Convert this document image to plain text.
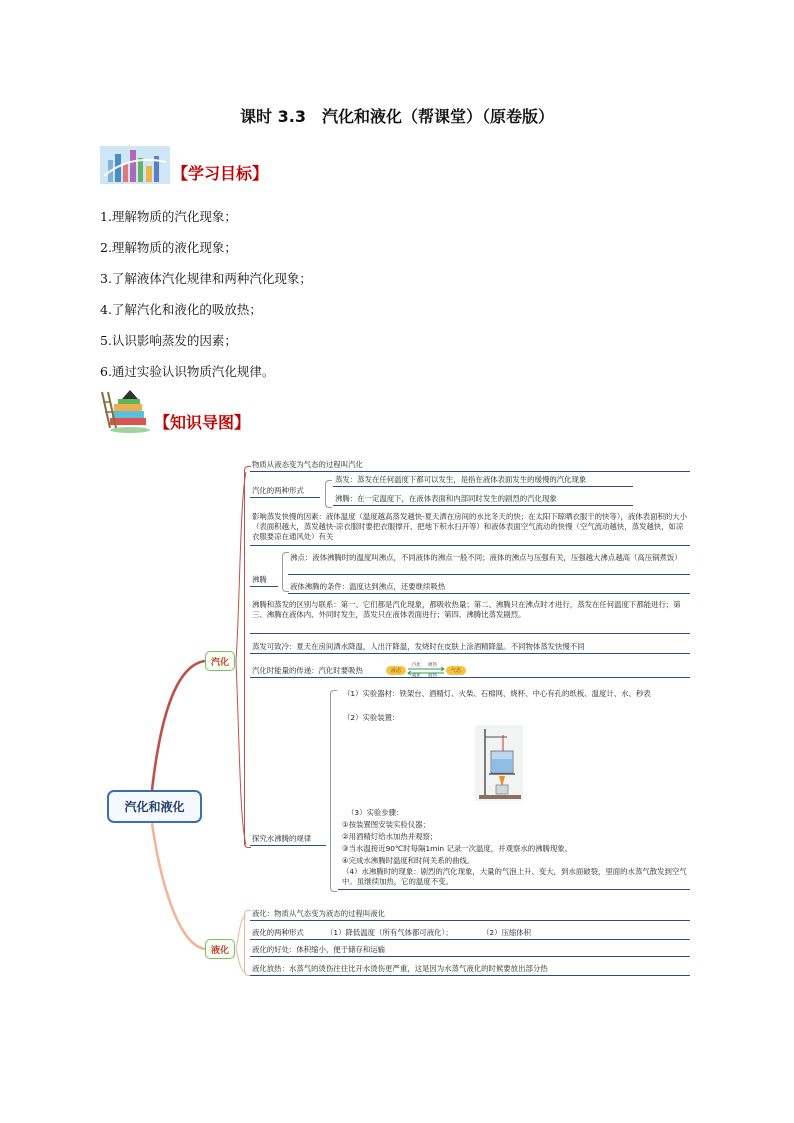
课时 3.3　汽化和液化（帮课堂）（原卷版）
【学习目标】
1.理解物质的汽化现象；
2.理解物质的液化现象；
3.了解液体汽化规律和两种汽化现象；
4.了解汽化和液化的吸放热；
5.认识影响蒸发的因素；
6.通过实验认识物质汽化规律。
【知识导图】
汽化和液化
汽化
液化
物质从液态变为气态的过程叫汽化
汽化的两种形式
蒸发：蒸发在任何温度下都可以发生，是指在液体表面发生的缓慢的汽化现象
沸腾：在一定温度下，在液体表面和内部同时发生的剧烈的汽化现象
影响蒸发快慢的因素：液体温度（温度越高蒸发越快-夏天洒在房间的水比冬天的快；在太阳下晾晒衣服干的快等），液体表面积的大小（表面积越大，蒸发越快-凉衣服时要把衣服撑开、把地下积水扫开等）和液体表面空气流动的快慢（空气流动越快，蒸发越快，如凉衣服要凉在通风处）有关
沸腾
沸点：液体沸腾时的温度叫沸点，不同液体的沸点一般不同；液体的沸点与压强有关，压强越大沸点越高（高压锅煮饭）
液体沸腾的条件：温度达到沸点，还要继续吸热
沸腾和蒸发的区别与联系：第一、它们都是汽化现象，都吸收热量；第二、沸腾只在沸点时才进行，蒸发在任何温度下都能进行；第三、沸腾在液体内、外同时发生，蒸发只在液体表面进行；第四、沸腾比蒸发剧烈。
蒸发可致冷：夏天在房间洒水降温，人出汗降温，发烧时在皮肤上涂酒精降温。不同物体蒸发快慢不同
汽化时能量的传递：汽化时要吸热	液态	气态
汽化 吸热
液化 放热
探究水沸腾的规律
（1）实验器材：铁架台、酒精灯、火柴、石棉网、烧杯、中心有孔的纸板、温度计、水、秒表
（2）实验装置：
（3）实验步骤：
①按装置图安装实验仪器；
②用酒精灯给水加热并观察；
③当水温接近90℃时每隔1min 记录一次温度，并观察水的沸腾现象。
④完成水沸腾时温度和时间关系的曲线。
（4）水沸腾时的现象：剧烈的汽化现象，大量的气泡上升、变大，到水面破裂，里面的水蒸气散发到空气中。虽继续加热，它的温度不变。
液化：物质从气态变为液态的过程叫液化
液化的两种形式	（1）降低温度（所有气体都可液化）；	（2）压缩体积
液化的好处：体积缩小，便于储存和运输
液化放热：水蒸气的烫伤往往比开水烫伤更严重，这是因为水蒸气液化的时候要放出部分热
